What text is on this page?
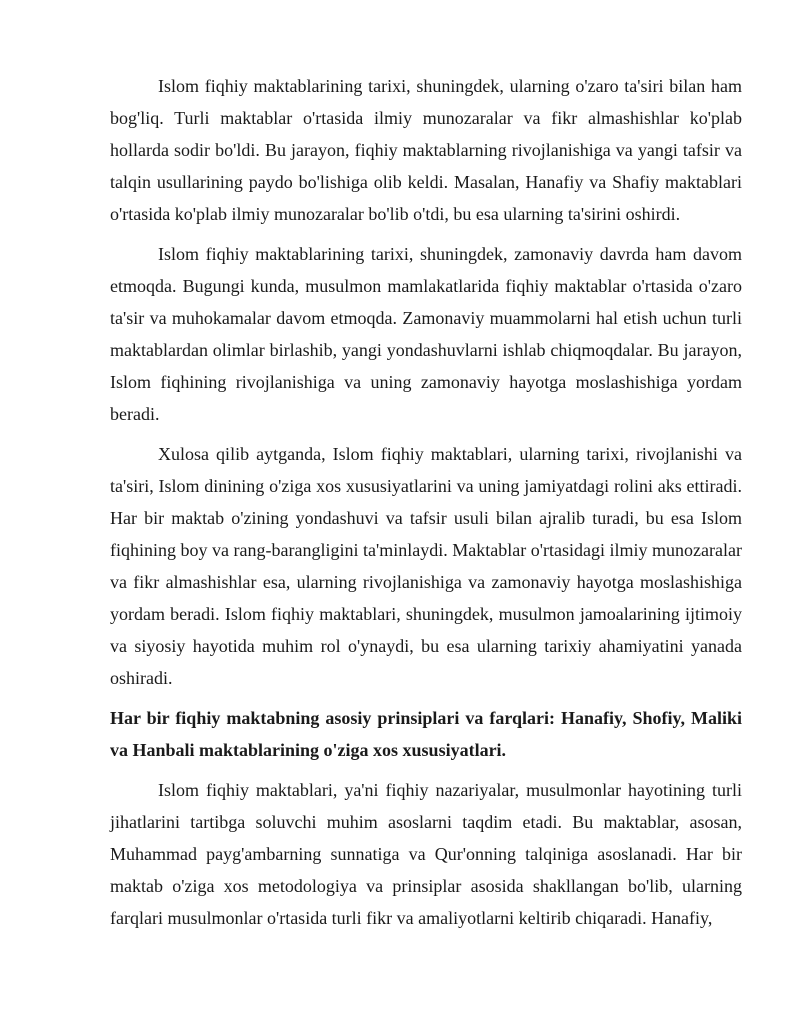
Islom fiqhiy maktablarining tarixi, shuningdek, ularning o'zaro ta'siri bilan ham bog'liq. Turli maktablar o'rtasida ilmiy munozaralar va fikr almashishlar ko'plab hollarda sodir bo'ldi. Bu jarayon, fiqhiy maktablarning rivojlanishiga va yangi tafsir va talqin usullarining paydo bo'lishiga olib keldi. Masalan, Hanafiy va Shafiy maktablari o'rtasida ko'plab ilmiy munozaralar bo'lib o'tdi, bu esa ularning ta'sirini oshirdi.

Islom fiqhiy maktablarining tarixi, shuningdek, zamonaviy davrda ham davom etmoqda. Bugungi kunda, musulmon mamlakatlarida fiqhiy maktablar o'rtasida o'zaro ta'sir va muhokamalar davom etmoqda. Zamonaviy muammolarni hal etish uchun turli maktablardan olimlar birlashib, yangi yondashuvlarni ishlab chiqmoqdalar. Bu jarayon, Islom fiqhining rivojlanishiga va uning zamonaviy hayotga moslashishiga yordam beradi.

Xulosa qilib aytganda, Islom fiqhiy maktablari, ularning tarixi, rivojlanishi va ta'siri, Islom dinining o'ziga xos xususiyatlarini va uning jamiyatdagi rolini aks ettiradi. Har bir maktab o'zining yondashuvi va tafsir usuli bilan ajralib turadi, bu esa Islom fiqhining boy va rang-barangligini ta'minlaydi. Maktablar o'rtasidagi ilmiy munozaralar va fikr almashishlar esa, ularning rivojlanishiga va zamonaviy hayotga moslashishiga yordam beradi. Islom fiqhiy maktablari, shuningdek, musulmon jamoalarining ijtimoiy va siyosiy hayotida muhim rol o'ynaydi, bu esa ularning tarixiy ahamiyatini yanada oshiradi.

Har bir fiqhiy maktabning asosiy prinsiplari va farqlari: Hanafiy, Shofiy, Maliki va Hanbali maktablarining o'ziga xos xususiyatlari.

Islom fiqhiy maktablari, ya'ni fiqhiy nazariyalar, musulmonlar hayotining turli jihatlarini tartibga soluvchi muhim asoslarni taqdim etadi. Bu maktablar, asosan, Muhammad payg'ambarning sunnatiga va Qur'onning talqiniga asoslanadi. Har bir maktab o'ziga xos metodologiya va prinsiplar asosida shakllangan bo'lib, ularning farqlari musulmonlar o'rtasida turli fikr va amaliyotlarni keltirib chiqaradi. Hanafiy,
